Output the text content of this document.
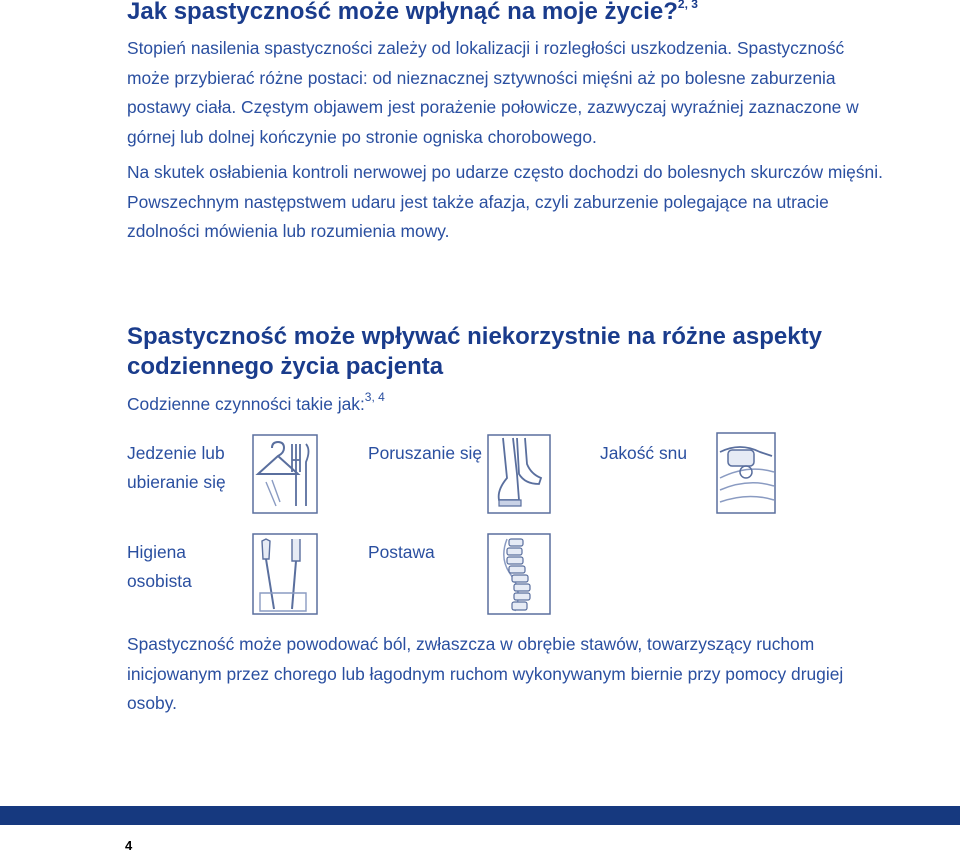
Jak spastyczność może wpłynąć na moje życie?$^{2, 3}$

Stopień nasilenia spastyczności zależy od lokalizacji i rozległości uszkodzenia. Spastyczność może przybierać różne postaci: od nieznacznej sztywności mięśni aż po bolesne zaburzenia postawy ciała. Częstym objawem jest porażenie połowicze, zazwyczaj wyraźniej zaznaczone w górnej lub dolnej kończynie po stronie ogniska chorobowego.

Na skutek osłabienia kontroli nerwowej po udarze często dochodzi do bolesnych skurczów mięśni. Powszechnym następstwem udaru jest także afazja, czyli zaburzenie polegające na utracie zdolności mówienia lub rozumienia mowy.

Spastyczność może wpływać niekorzystnie na różne aspekty codziennego życia pacjenta

Codzienne czynności takie jak:$^{3, 4}$

Jedzenie lub
ubieranie się

Poruszanie się	Jakość snu

Higiena
osobista

Postawa

Spastyczność może powodować ból, zwłaszcza w obrębie stawów, towarzyszący ruchom inicjowanym przez chorego lub łagodnym ruchom wykonywanym biernie przy pomocy drugiej osoby.

4
